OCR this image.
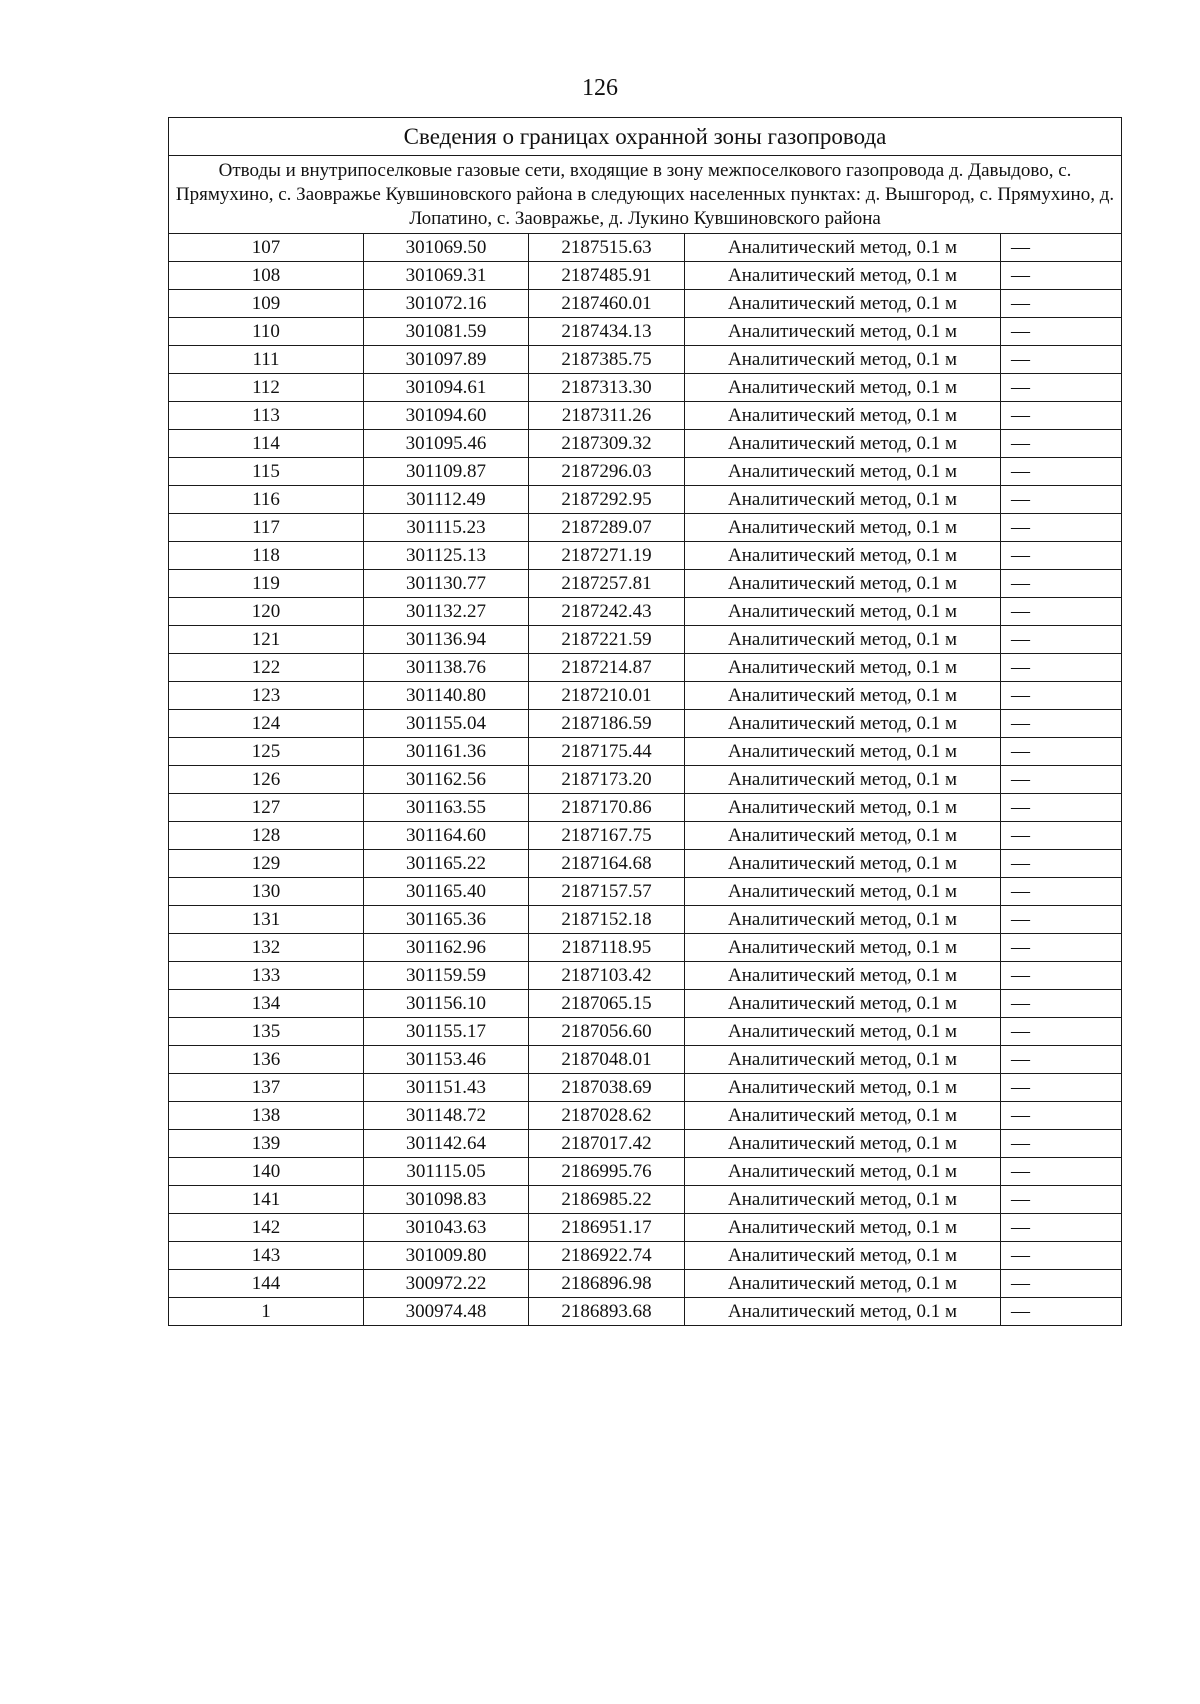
126
Сведения о границах охранной зоны газопровода				
Отводы и внутрипоселковые газовые сети, входящие в зону межпоселкового газопровода д. Давыдово, с. Прямухино, с. Заовражье Кувшиновского района в следующих населенных пунктах: д. Вышгород, с. Прямухино, д. Лопатино, с. Заовражье, д. Лукино Кувшиновского района				
107	301069.50	2187515.63	Аналитический метод, 0.1 м	—
108	301069.31	2187485.91	Аналитический метод, 0.1 м	—
109	301072.16	2187460.01	Аналитический метод, 0.1 м	—
110	301081.59	2187434.13	Аналитический метод, 0.1 м	—
111	301097.89	2187385.75	Аналитический метод, 0.1 м	—
112	301094.61	2187313.30	Аналитический метод, 0.1 м	—
113	301094.60	2187311.26	Аналитический метод, 0.1 м	—
114	301095.46	2187309.32	Аналитический метод, 0.1 м	—
115	301109.87	2187296.03	Аналитический метод, 0.1 м	—
116	301112.49	2187292.95	Аналитический метод, 0.1 м	—
117	301115.23	2187289.07	Аналитический метод, 0.1 м	—
118	301125.13	2187271.19	Аналитический метод, 0.1 м	—
119	301130.77	2187257.81	Аналитический метод, 0.1 м	—
120	301132.27	2187242.43	Аналитический метод, 0.1 м	—
121	301136.94	2187221.59	Аналитический метод, 0.1 м	—
122	301138.76	2187214.87	Аналитический метод, 0.1 м	—
123	301140.80	2187210.01	Аналитический метод, 0.1 м	—
124	301155.04	2187186.59	Аналитический метод, 0.1 м	—
125	301161.36	2187175.44	Аналитический метод, 0.1 м	—
126	301162.56	2187173.20	Аналитический метод, 0.1 м	—
127	301163.55	2187170.86	Аналитический метод, 0.1 м	—
128	301164.60	2187167.75	Аналитический метод, 0.1 м	—
129	301165.22	2187164.68	Аналитический метод, 0.1 м	—
130	301165.40	2187157.57	Аналитический метод, 0.1 м	—
131	301165.36	2187152.18	Аналитический метод, 0.1 м	—
132	301162.96	2187118.95	Аналитический метод, 0.1 м	—
133	301159.59	2187103.42	Аналитический метод, 0.1 м	—
134	301156.10	2187065.15	Аналитический метод, 0.1 м	—
135	301155.17	2187056.60	Аналитический метод, 0.1 м	—
136	301153.46	2187048.01	Аналитический метод, 0.1 м	—
137	301151.43	2187038.69	Аналитический метод, 0.1 м	—
138	301148.72	2187028.62	Аналитический метод, 0.1 м	—
139	301142.64	2187017.42	Аналитический метод, 0.1 м	—
140	301115.05	2186995.76	Аналитический метод, 0.1 м	—
141	301098.83	2186985.22	Аналитический метод, 0.1 м	—
142	301043.63	2186951.17	Аналитический метод, 0.1 м	—
143	301009.80	2186922.74	Аналитический метод, 0.1 м	—
144	300972.22	2186896.98	Аналитический метод, 0.1 м	—
1	300974.48	2186893.68	Аналитический метод, 0.1 м	—
